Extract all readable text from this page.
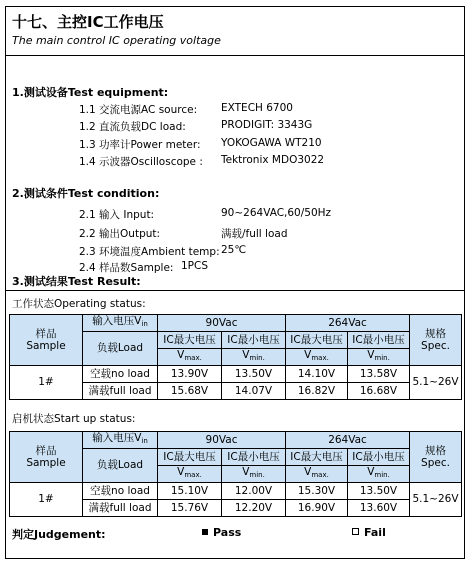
十七、主控IC工作电压
The main control IC operating voltage
1.测试设备Test equipment:
1.1 交流电源AC source: EXTECH 6700
1.2 直流负载DC load:	PRODIGIT: 3343G
1.3 功率计Power meter: YOKOGAWA WT210
1.4 示波器Oscilloscope : Tektronix MDO3022
2.测试条件Test condition:
2.1 输入 Input:	90~264VAC,60/50Hz
2.2 输出Output:	满载/full load
2.3 环境温度Ambient temp: 25℃
2.4 样品数Sample: 1PCS
3.测试结果Test Result:
工作状态Operating status:
样品
Sample	输入电压$V_{in}$	90Vac		264Vac		规格
Spec.

	负载Load	IC最大电压	IC最小电压	IC最大电压	IC最小电压	
		$V_{max.}$	$V_{min.}$	$V_{max.}$	$V_{min.}$
1#	空载no load	13.90V	13.50V	14.10V	13.58V	5.1~26V
	满载full load	15.68V	14.07V	16.82V	16.68V	
启机状态Start up status:
样品
Sample	输入电压$V_{in}$	90Vac		264Vac		规格
Spec.

	负载Load	IC最大电压	IC最小电压	IC最大电压	IC最小电压	
		$V_{max.}$	$V_{min.}$	$V_{max.}$	$V_{min.}$
1#	空载no load	15.10V	12.00V	15.30V	13.50V	5.1~26V
	满载full load	15.76V	12.20V	16.90V	13.60V	
判定Judgement:	Pass	Fail
